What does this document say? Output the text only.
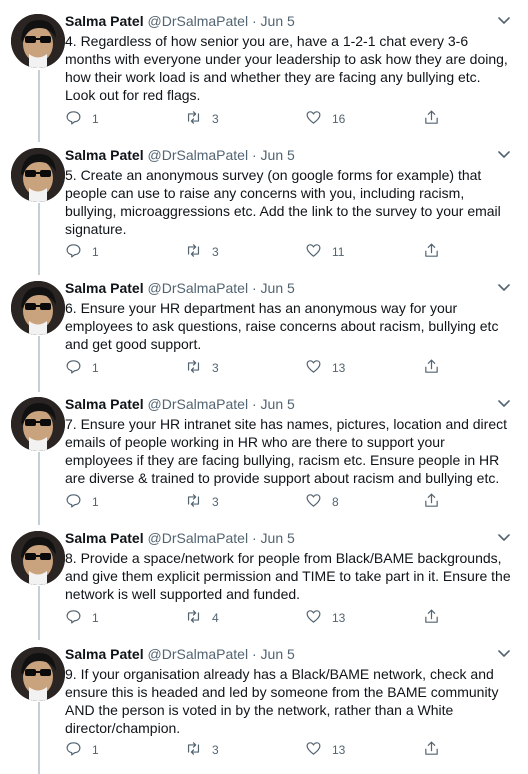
Salma Patel @DrSalmaPatel · Jun 5
4. Regardless of how senior you are, have a 1-2-1 chat every 3-6 months with everyone under your leadership to ask how they are doing, how their work load is and whether they are facing any bullying etc. Look out for red flags.
1	3	16
Salma Patel @DrSalmaPatel · Jun 5
5. Create an anonymous survey (on google forms for example) that people can use to raise any concerns with you, including racism, bullying, microaggressions etc. Add the link to the survey to your email signature.
1	3	11
Salma Patel @DrSalmaPatel · Jun 5
6. Ensure your HR department has an anonymous way for your employees to ask questions, raise concerns about racism, bullying etc and get good support.
1	3	13
Salma Patel @DrSalmaPatel · Jun 5
7. Ensure your HR intranet site has names, pictures, location and direct emails of people working in HR who are there to support your employees if they are facing bullying, racism etc. Ensure people in HR are diverse & trained to provide support about racism and bullying etc.
1	3	8
Salma Patel @DrSalmaPatel · Jun 5
8. Provide a space/network for people from Black/BAME backgrounds, and give them explicit permission and TIME to take part in it. Ensure the network is well supported and funded.
1	4	13
Salma Patel @DrSalmaPatel · Jun 5
9. If your organisation already has a Black/BAME network, check and ensure this is headed and led by someone from the BAME community AND the person is voted in by the network, rather than a White director/champion.
1	3	13
